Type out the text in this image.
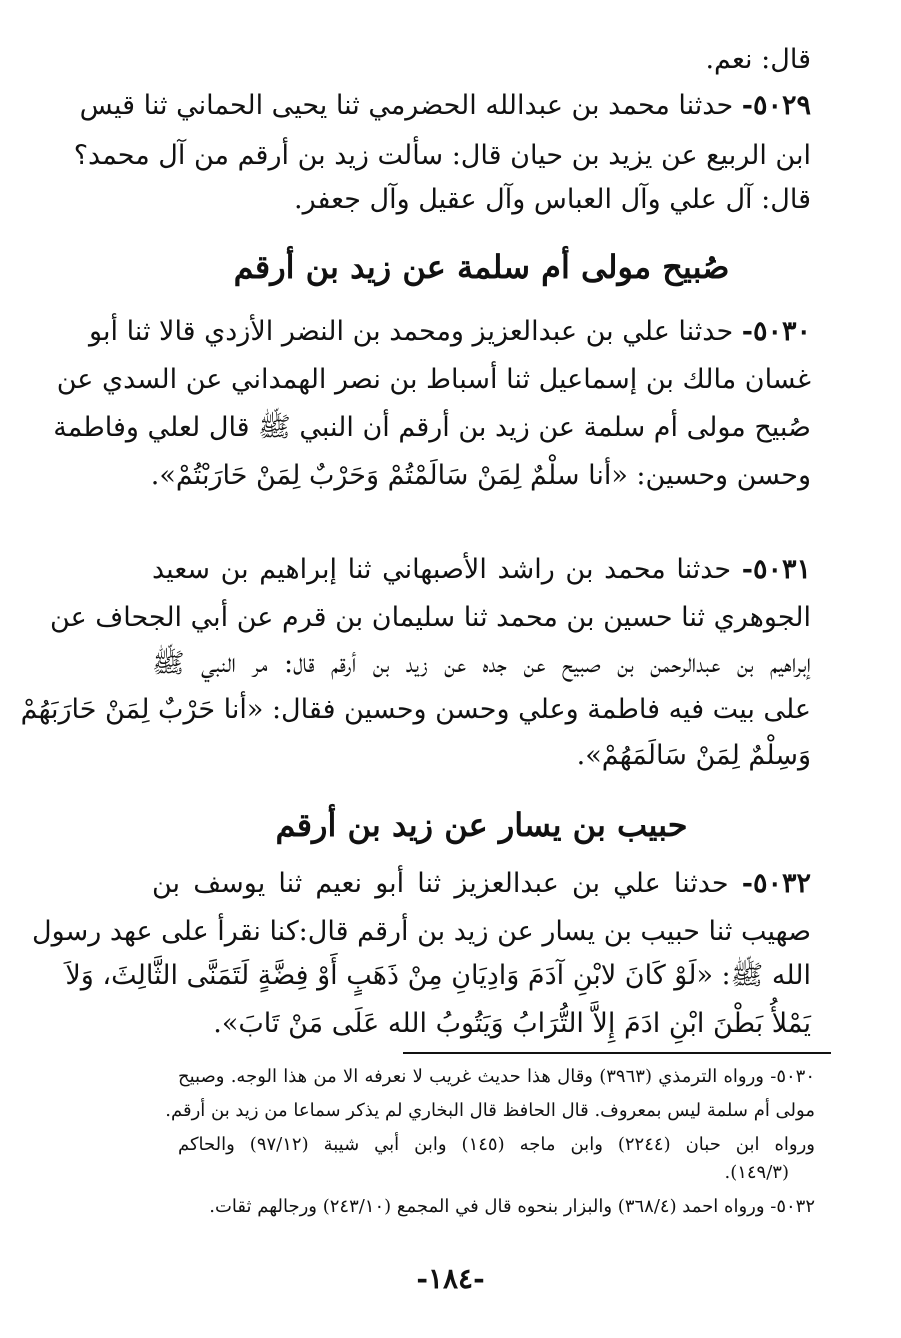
قال: نعم.
٥٠٢٩- حدثنا محمد بن عبدالله الحضرمي ثنا يحيى الحماني ثنا قيس
ابن الربيع عن يزيد بن حيان قال: سألت زيد بن أرقم من آل محمد؟
قال: آل علي وآل العباس وآل عقيل وآل جعفر.
صُبيح مولى أم سلمة عن زيد بن أرقم
٥٠٣٠- حدثنا علي بن عبدالعزيز ومحمد بن النضر الأزدي قالا ثنا أبو
غسان مالك بن إسماعيل ثنا أسباط بن نصر الهمداني عن السدي عن
صُبيح مولى أم سلمة عن زيد بن أرقم أن النبي ﷺ قال لعلي وفاطمة
وحسن وحسين: «أنا سلْمٌ لِمَنْ سَالَمْتُمْ وَحَرْبٌ لِمَنْ حَارَبْتُمْ».
٥٠٣١- حدثنا محمد بن راشد الأصبهاني ثنا إبراهيم بن سعيد
الجوهري ثنا حسين بن محمد ثنا سليمان بن قرم عن أبي الجحاف عن
إبراهيم بن عبدالرحمن بن صبيح عن جده عن زيد بن أرقم قال: مر النبي ﷺ
على بيت فيه فاطمة وعلي وحسن وحسين فقال: «أنا حَرْبٌ لِمَنْ حَارَبَهُمْ
وَسِلْمٌ لِمَنْ سَالَمَهُمْ».
حبيب بن يسار عن زيد بن أرقم
٥٠٣٢- حدثنا علي بن عبدالعزيز ثنا أبو نعيم ثنا يوسف بن
صهيب ثنا حبيب بن يسار عن زيد بن أرقم قال:كنا نقرأ على عهد رسول
الله ﷺ: «لَوْ كَانَ لابْنِ آدَمَ وَادِيَانِ مِنْ ذَهَبٍ أَوْ فِضَّةٍ لَتَمَنَّى الثَّالِثَ، وَلاَ
يَمْلأُ بَطْنَ ابْنِ ادَمَ إِلاَّ التُّرَابُ وَيَتُوبُ الله عَلَى مَنْ تَابَ».
٥٠٣٠- ورواه الترمذي (٣٩٦٣) وقال هذا حديث غريب لا نعرفه الا من هذا الوجه. وصبيح
مولى أم سلمة ليس بمعروف. قال الحافظ قال البخاري لم يذكر سماعا من زيد بن أرقم.
ورواه ابن حبان (٢٢٤٤) وابن ماجه (١٤٥) وابن أبي شيبة (٩٧/١٢) والحاكم
(١٤٩/٣).
٥٠٣٢- ورواه احمد (٣٦٨/٤) والبزار بنحوه قال في المجمع (٢٤٣/١٠) ورجالهم ثقات.
-١٨٤-
